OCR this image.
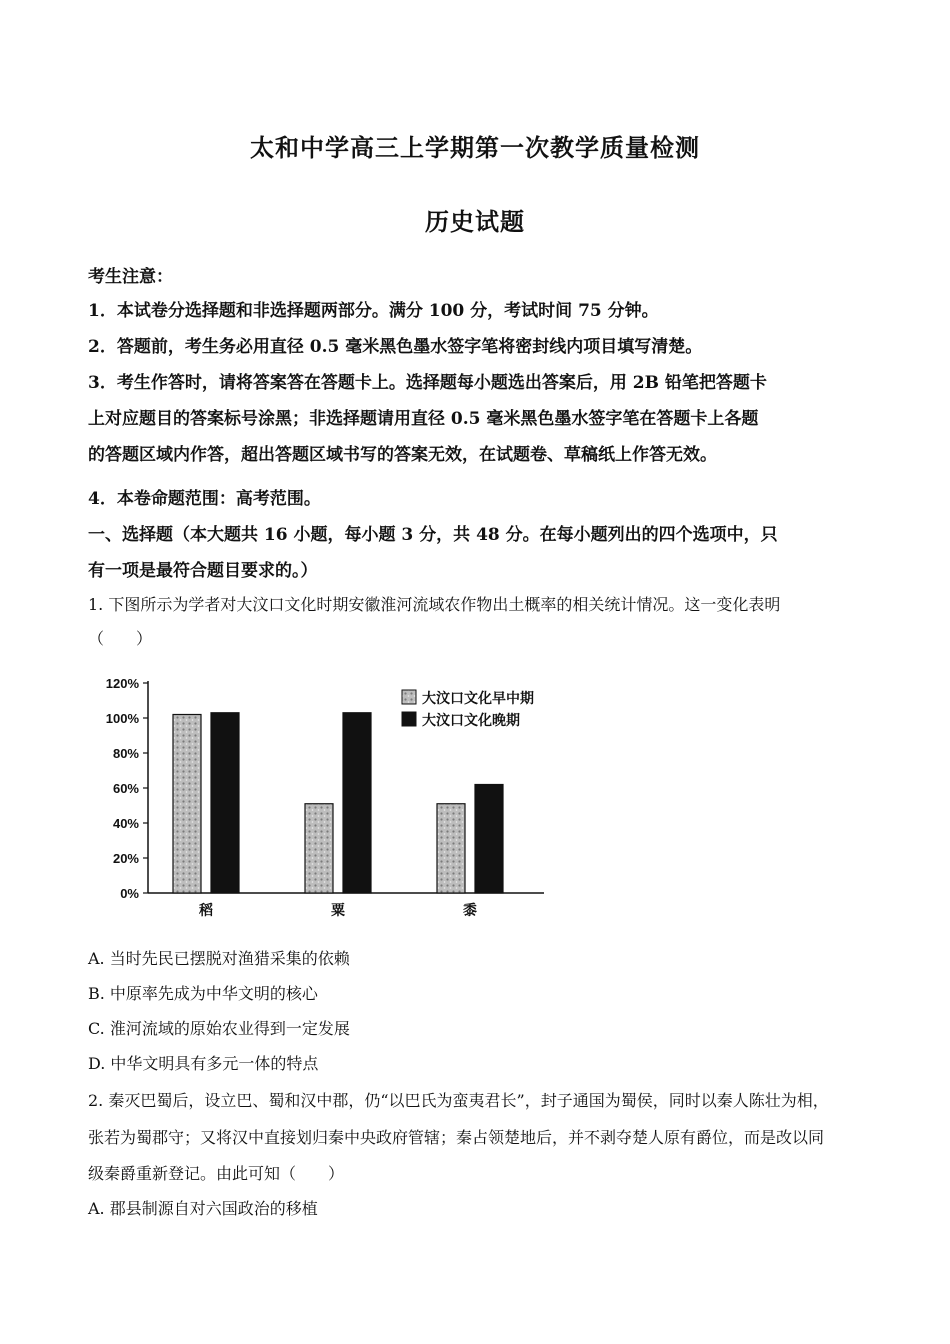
太和中学高三上学期第一次教学质量检测
历史试题
考生注意：
1．本试卷分选择题和非选择题两部分。满分 100 分，考试时间 75 分钟。
2．答题前，考生务必用直径 0.5 毫米黑色墨水签字笔将密封线内项目填写清楚。
3．考生作答时，请将答案答在答题卡上。选择题每小题选出答案后，用 2B 铅笔把答题卡
上对应题目的答案标号涂黑；非选择题请用直径 0.5 毫米黑色墨水签字笔在答题卡上各题
的答题区域内作答，超出答题区域书写的答案无效，在试题卷、草稿纸上作答无效。
4．本卷命题范围：高考范围。
一、选择题（本大题共 16 小题，每小题 3 分，共 48 分。在每小题列出的四个选项中，只
有一项是最符合题目要求的。）
1. 下图所示为学者对大汶口文化时期安徽淮河流域农作物出土概率的相关统计情况。这一变化表明
（　　）
0%
20%
40%
60%
80%
100%
120%
稻	粟	黍
大汶口文化早中期
大汶口文化晚期
A. 当时先民已摆脱对渔猎采集的依赖
B. 中原率先成为中华文明的核心
C. 淮河流域的原始农业得到一定发展
D. 中华文明具有多元一体的特点
2. 秦灭巴蜀后，设立巴、蜀和汉中郡，仍“以巴氏为蛮夷君长”，封子通国为蜀侯，同时以秦人陈壮为相，
张若为蜀郡守；又将汉中直接划归秦中央政府管辖；秦占领楚地后，并不剥夺楚人原有爵位，而是改以同
级秦爵重新登记。由此可知（　　）
A. 郡县制源自对六国政治的移植
